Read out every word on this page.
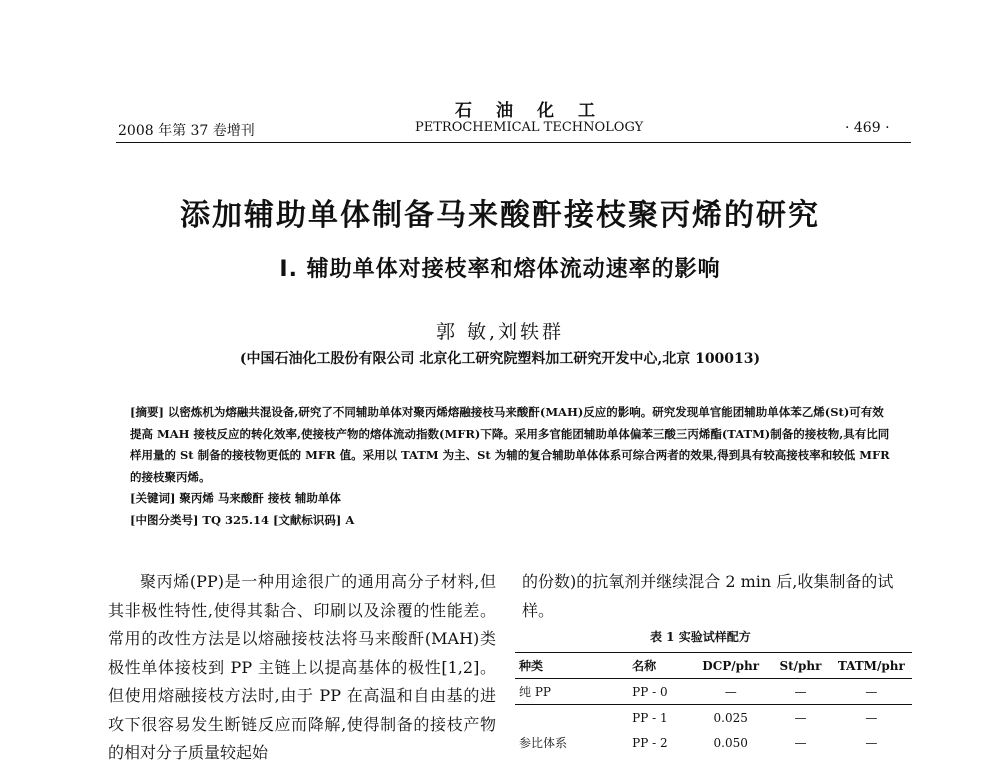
石油化工
2008 年第 37 卷增刊	PETROCHEMICAL TECHNOLOGY	· 469 ·
添加辅助单体制备马来酸酐接枝聚丙烯的研究
Ⅰ. 辅助单体对接枝率和熔体流动速率的影响
郭 敏,刘轶群
(中国石油化工股份有限公司 北京化工研究院塑料加工研究开发中心,北京 100013)

[摘要] 以密炼机为熔融共混设备,研究了不同辅助单体对聚丙烯熔融接枝马来酸酐(MAH)反应的影响。研究发现单官能团辅助单体苯乙烯(St)可有效提高 MAH 接枝反应的转化效率,使接枝产物的熔体流动指数(MFR)下降。采用多官能团辅助单体偏苯三酸三丙烯酯(TATM)制备的接枝物,具有比同样用量的 St 制备的接枝物更低的 MFR 值。采用以 TATM 为主、St 为辅的复合辅助单体体系可综合两者的效果,得到具有较高接枝率和较低 MFR 的接枝聚丙烯。

[关键词] 聚丙烯 马来酸酐 接枝 辅助单体

[中图分类号] TQ 325.14 [文献标识码] A

聚丙烯(PP)是一种用途很广的通用高分子材料,但其非极性特性,使得其黏合、印刷以及涂覆的性能差。常用的改性方法是以熔融接枝法将马来酸酐(MAH)类极性单体接枝到 PP 主链上以提高基体的极性[1,2]。但使用熔融接枝方法时,由于 PP 在高温和自由基的进攻下很容易发生断链反应而降解,使得制备的接枝产物的相对分子质量较起始

的份数)的抗氧剂并继续混合 2 min 后,收集制备的试样。

表 1 实验试样配方
种类	名称	DCP/phr	St/phr	TATM/phr
纯 PP	PP - 0	—	—	—
	PP - 1	0.025	—	—
参比体系	PP - 2	0.050	—	—
